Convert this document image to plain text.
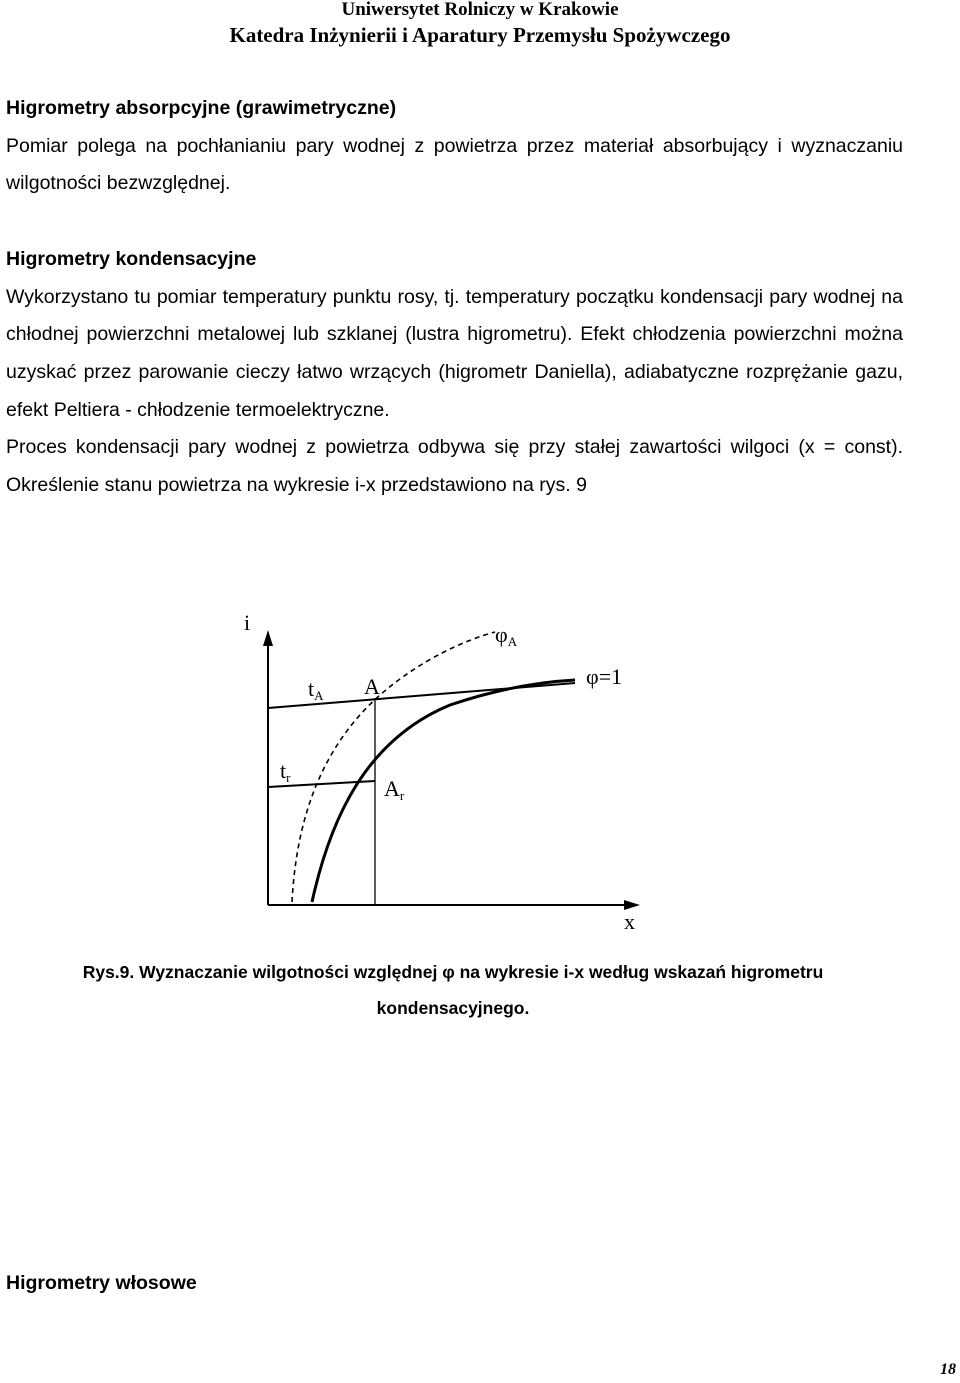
Uniwersytet Rolniczy w Krakowie
Katedra Inżynierii i Aparatury Przemysłu Spożywczego

Higrometry absorpcyjne (grawimetryczne)

Pomiar polega na pochłanianiu pary wodnej z powietrza przez materiał absorbujący i wyznaczaniu wilgotności bezwzględnej.

Higrometry kondensacyjne

Wykorzystano tu pomiar temperatury punktu rosy, tj. temperatury początku kondensacji pary wodnej na chłodnej powierzchni metalowej lub szklanej (lustra higrometru). Efekt chłodzenia powierzchni można uzyskać przez parowanie cieczy łatwo wrzących (higrometr Daniella), adiabatyczne rozprężanie gazu, efekt Peltiera - chłodzenie termoelektryczne.

Proces kondensacji pary wodnej z powietrza odbywa się przy stałej zawartości wilgoci (x = const). Określenie stanu powietrza na wykresie i-x przedstawiono na rys. 9

i
x
$\varphi_A$
φ=1
$t_A$ A
$t_r$	$A_r$
Rys.9. Wyznaczanie wilgotności względnej φ na wykresie i-x według wskazań higrometru
kondensacyjnego.
Higrometry włosowe
18
